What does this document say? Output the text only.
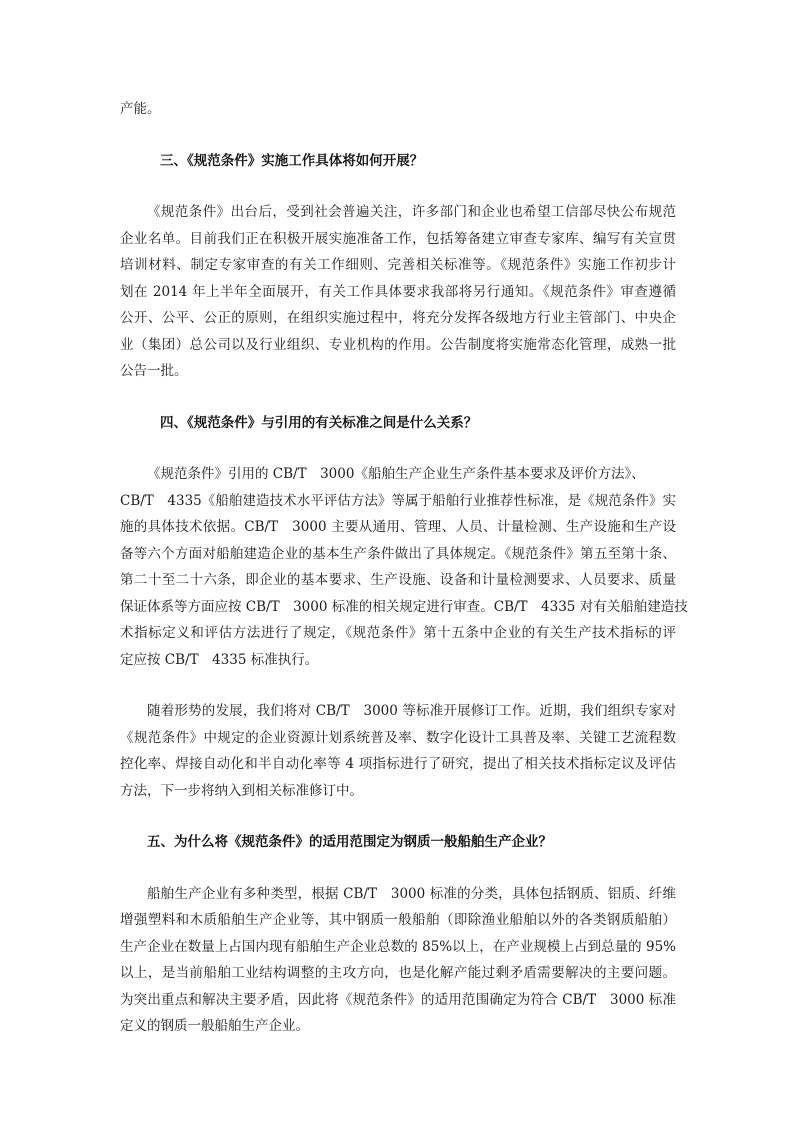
产能。
三、《规范条件》实施工作具体将如何开展？
《规范条件》出台后，受到社会普遍关注，许多部门和企业也希望工信部尽快公布规范
企业名单。目前我们正在积极开展实施准备工作，包括筹备建立审查专家库、编写有关宣贯
培训材料、制定专家审查的有关工作细则、完善相关标准等。《规范条件》实施工作初步计
划在 2014 年上半年全面展开，有关工作具体要求我部将另行通知。《规范条件》审查遵循
公开、公平、公正的原则，在组织实施过程中，将充分发挥各级地方行业主管部门、中央企
业（集团）总公司以及行业组织、专业机构的作用。公告制度将实施常态化管理，成熟一批
公告一批。
四、《规范条件》与引用的有关标准之间是什么关系？
《规范条件》引用的 CB/T　3000《船舶生产企业生产条件基本要求及评价方法》、
CB/T　4335《船舶建造技术水平评估方法》等属于船舶行业推荐性标准，是《规范条件》实
施的具体技术依据。CB/T　3000 主要从通用、管理、人员、计量检测、生产设施和生产设
备等六个方面对船舶建造企业的基本生产条件做出了具体规定。《规范条件》第五至第十条、
第二十至二十六条，即企业的基本要求、生产设施、设备和计量检测要求、人员要求、质量
保证体系等方面应按 CB/T　3000 标准的相关规定进行审查。CB/T　4335 对有关船舶建造技
术指标定义和评估方法进行了规定，《规范条件》第十五条中企业的有关生产技术指标的评
定应按 CB/T　4335 标准执行。
随着形势的发展，我们将对 CB/T　3000 等标准开展修订工作。近期，我们组织专家对
《规范条件》中规定的企业资源计划系统普及率、数字化设计工具普及率、关键工艺流程数
控化率、焊接自动化和半自动化率等 4 项指标进行了研究，提出了相关技术指标定议及评估
方法，下一步将纳入到相关标准修订中。
五、为什么将《规范条件》的适用范围定为钢质一般船舶生产企业？
船舶生产企业有多种类型，根据 CB/T　3000 标准的分类，具体包括钢质、铝质、纤维
增强塑料和木质船舶生产企业等，其中钢质一般船舶（即除渔业船舶以外的各类钢质船舶）
生产企业在数量上占国内现有船舶生产企业总数的 85%以上，在产业规模上占到总量的 95%
以上，是当前船舶工业结构调整的主攻方向，也是化解产能过剩矛盾需要解决的主要问题。
为突出重点和解决主要矛盾，因此将《规范条件》的适用范围确定为符合 CB/T　3000 标准
定义的钢质一般船舶生产企业。
